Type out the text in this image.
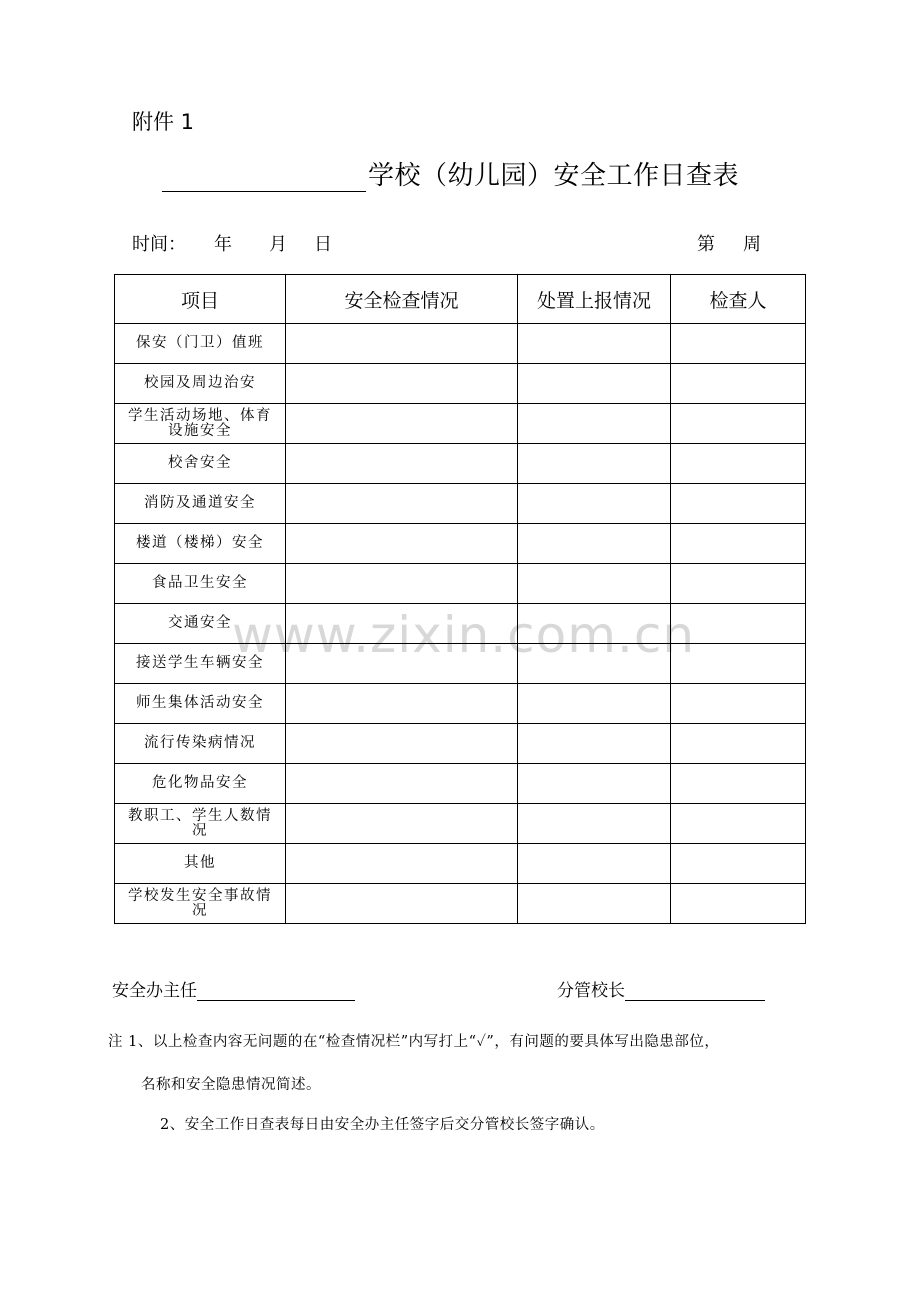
www.zixin.com.cn
附件 1
学校（幼儿园）安全工作日查表
时间： 年 月 日	第 周
项目	安全检查情况	处置上报情况	检查人
保安（门卫）值班			
校园及周边治安			
学生活动场地、体育设施安全			
校舍安全			
消防及通道安全			
楼道（楼梯）安全			
食品卫生安全			
交通安全			
接送学生车辆安全			
师生集体活动安全			
流行传染病情况			
危化物品安全			
教职工、学生人数情况			
其他			
学校发生安全事故情况			
安全办主任	分管校长
注 1、以上检查内容无问题的在“检查情况栏”内写打上“✓”，有问题的要具体写出隐患部位，
名称和安全隐患情况简述。
2、安全工作日查表每日由安全办主任签字后交分管校长签字确认。
